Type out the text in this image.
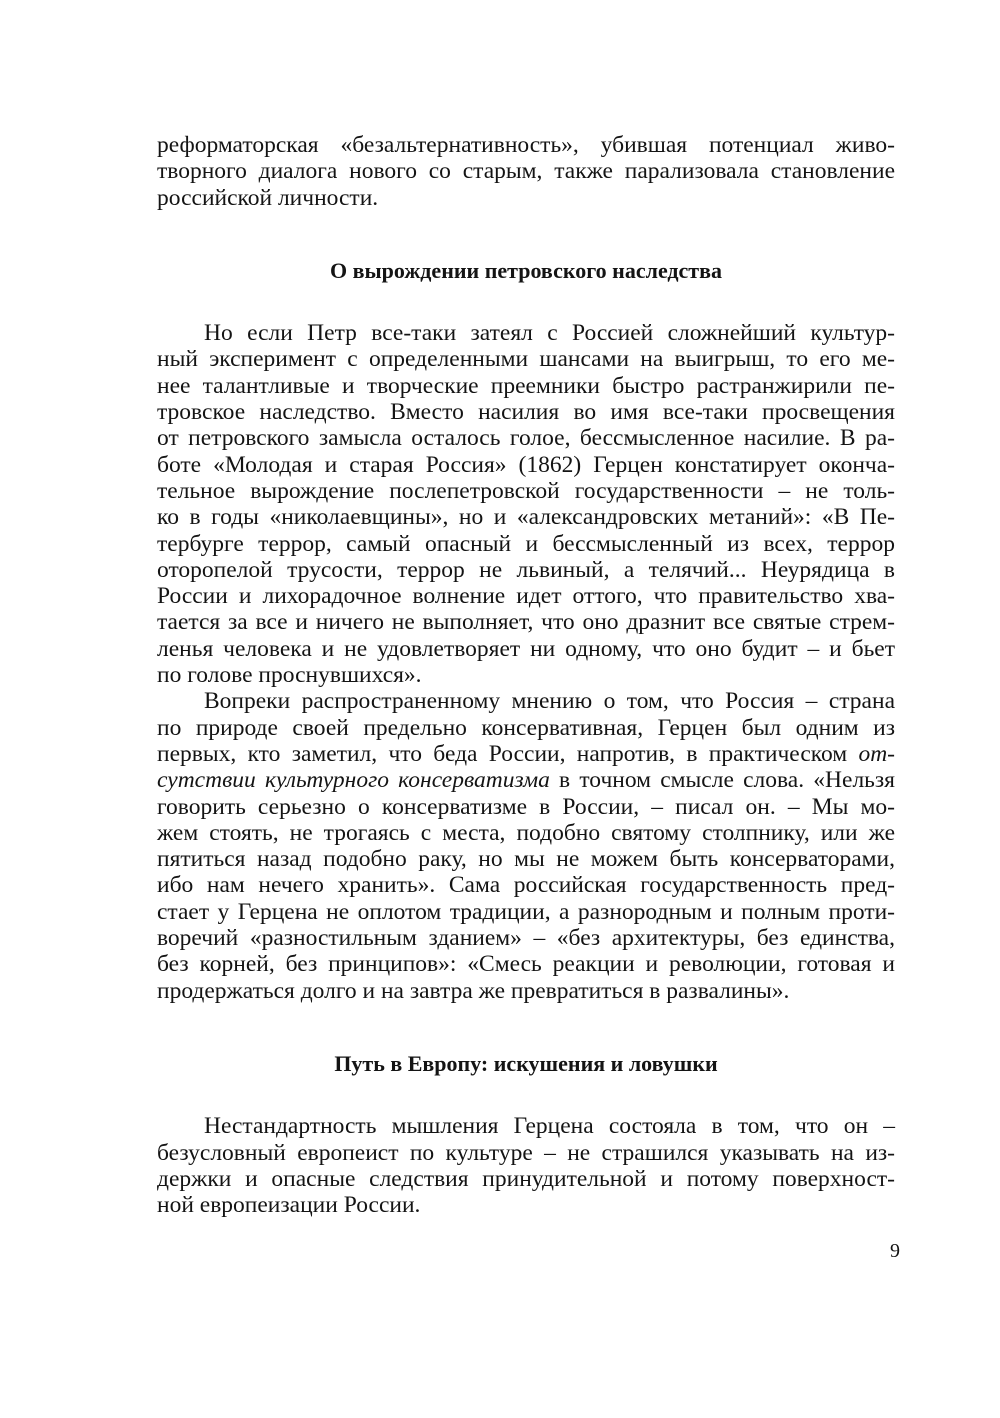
реформаторская «безальтернативность», убившая потенциал живо-
творного диалога нового со старым, также парализовала становление
российской личности.
О вырождении петровского наследства
Но если Петр все-таки затеял с Россией сложнейший культур-
ный эксперимент с определенными шансами на выигрыш, то его ме-
нее талантливые и творческие преемники быстро растранжирили пе-
тровское наследство. Вместо насилия во имя все-таки просвещения
от петровского замысла осталось голое, бессмысленное насилие. В ра-
боте «Молодая и старая Россия» (1862) Герцен констатирует оконча-
тельное вырождение послепетровской государственности – не толь-
ко в годы «николаевщины», но и «александровских метаний»: «В Пе-
тербурге террор, самый опасный и бессмысленный из всех, террор
оторопелой трусости, террор не львиный, а телячий... Неурядица в
России и лихорадочное волнение идет оттого, что правительство хва-
тается за все и ничего не выполняет, что оно дразнит все святые стрем-
ленья человека и не удовлетворяет ни одному, что оно будит – и бьет
по голове проснувшихся».
Вопреки распространенному мнению о том, что Россия – страна
по природе своей предельно консервативная, Герцен был одним из
первых, кто заметил, что беда России, напротив, в практическом от-
сутствии культурного консерватизма в точном смысле слова. «Нельзя
говорить серьезно о консерватизме в России, – писал он. – Мы мо-
жем стоять, не трогаясь с места, подобно святому столпнику, или же
пятиться назад подобно раку, но мы не можем быть консерваторами,
ибо нам нечего хранить». Сама российская государственность пред-
стает у Герцена не оплотом традиции, а разнородным и полным проти-
воречий «разностильным зданием» – «без архитектуры, без единства,
без корней, без принципов»: «Смесь реакции и революции, готовая и
продержаться долго и на завтра же превратиться в развалины».
Путь в Европу: искушения и ловушки
Нестандартность мышления Герцена состояла в том, что он –
безусловный европеист по культуре – не страшился указывать на из-
держки и опасные следствия принудительной и потому поверхност-
ной европеизации России.
9
